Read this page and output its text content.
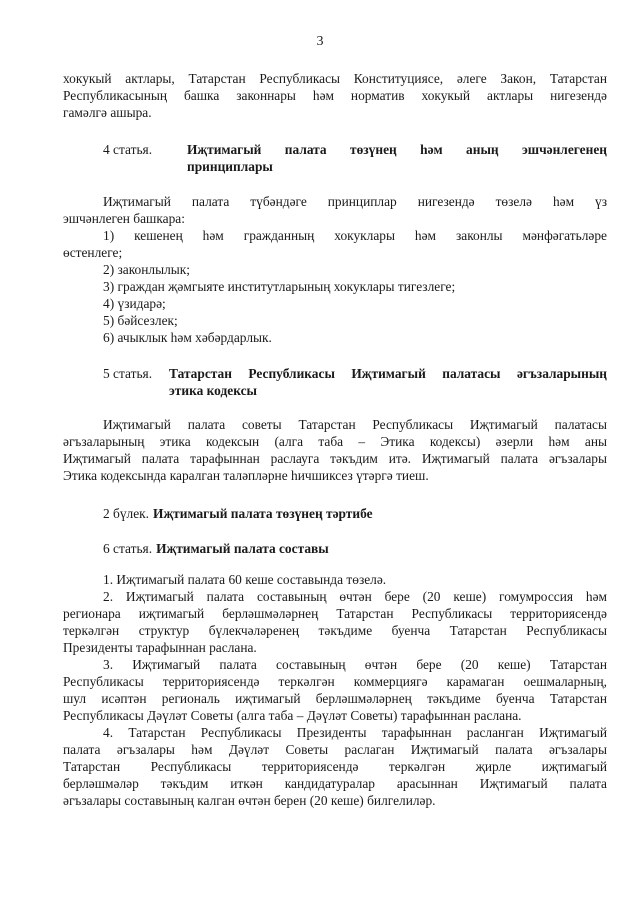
3
хокукый актлары, Татарстан Республикасы Конституциясе, әлеге Закон, Татарстан
Республикасының башка законнары һәм норматив хокукый актлары нигезендә
гамәлгә ашыра.
4 статья.	Иҗтимагый палата төзүнең һәм аның эшчәнлегенең
принциплары
Иҗтимагый палата түбәндәге принциплар нигезендә төзелә һәм үз
эшчәнлеген башкара:
1) кешенең һәм гражданның хокуклары һәм законлы мәнфәгатьләре
өстенлеге;
2) законлылык;
3) граждан җәмгыяте институтларының хокуклары тигезлеге;
4) үзидарә;
5) бәйсезлек;
6) ачыклык һәм хәбәрдарлык.
5 статья.	Татарстан Республикасы Иҗтимагый палатасы әгъзаларының
этика кодексы
Иҗтимагый палата советы Татарстан Республикасы Иҗтимагый палатасы
әгъзаларының этика кодексын (алга таба – Этика кодексы) әзерли һәм аны
Иҗтимагый палата тарафыннан раслауга тәкъдим итә. Иҗтимагый палата әгъзалары
Этика кодексында каралган таләпләрне һичшиксез үтәргә тиеш.
2 бүлек. Иҗтимагый палата төзүнең тәртибе
6 статья. Иҗтимагый палата составы
1. Иҗтимагый палата 60 кеше составында төзелә.
2. Иҗтимагый палата составының өчтән бере (20 кеше) гомумроссия һәм
регионара иҗтимагый берләшмәләрнең Татарстан Республикасы территориясендә
теркәлгән структур бүлекчәләренең тәкъдиме буенча Татарстан Республикасы
Президенты тарафыннан раслана.
3. Иҗтимагый палата составының өчтән бере (20 кеше) Татарстан
Республикасы территориясендә теркәлгән коммерциягә карамаган оешмаларның,
шул исәптән региональ иҗтимагый берләшмәләрнең тәкъдиме буенча Татарстан
Республикасы Дәүләт Советы (алга таба – Дәүләт Советы) тарафыннан раслана.
4. Татарстан Республикасы Президенты тарафыннан расланган Иҗтимагый
палата әгъзалары һәм Дәүләт Советы раслаган Иҗтимагый палата әгъзалары
Татарстан Республикасы территориясендә теркәлгән җирле иҗтимагый
берләшмәләр тәкъдим иткән кандидатуралар арасыннан Иҗтимагый палата
әгъзалары составының калган өчтән берен (20 кеше) билгелиләр.
